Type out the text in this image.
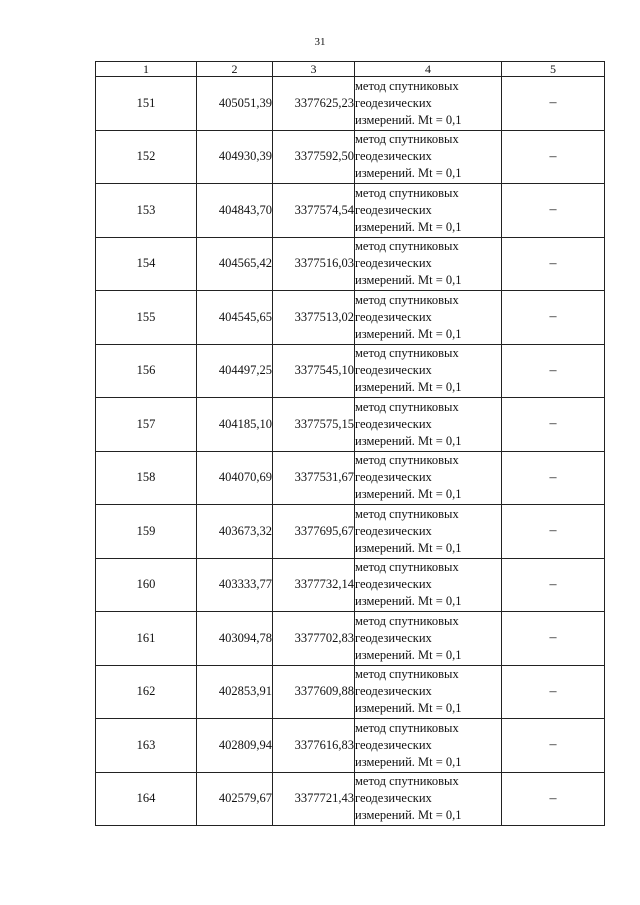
31
1	2	3	4	5
151	405051,39	3377625,23	метод спутниковых
геодезических
измерений. Mt = 0,1	–
152	404930,39	3377592,50	метод спутниковых
геодезических
измерений. Mt = 0,1	–
153	404843,70	3377574,54	метод спутниковых
геодезических
измерений. Mt = 0,1	–
154	404565,42	3377516,03	метод спутниковых
геодезических
измерений. Mt = 0,1	–
155	404545,65	3377513,02	метод спутниковых
геодезических
измерений. Mt = 0,1	–
156	404497,25	3377545,10	метод спутниковых
геодезических
измерений. Mt = 0,1	–
157	404185,10	3377575,15	метод спутниковых
геодезических
измерений. Mt = 0,1	–
158	404070,69	3377531,67	метод спутниковых
геодезических
измерений. Mt = 0,1	–
159	403673,32	3377695,67	метод спутниковых
геодезических
измерений. Mt = 0,1	–
160	403333,77	3377732,14	метод спутниковых
геодезических
измерений. Mt = 0,1	–
161	403094,78	3377702,83	метод спутниковых
геодезических
измерений. Mt = 0,1	–
162	402853,91	3377609,88	метод спутниковых
геодезических
измерений. Mt = 0,1	–
163	402809,94	3377616,83	метод спутниковых
геодезических
измерений. Mt = 0,1	–
164	402579,67	3377721,43	метод спутниковых
геодезических
измерений. Mt = 0,1	–
